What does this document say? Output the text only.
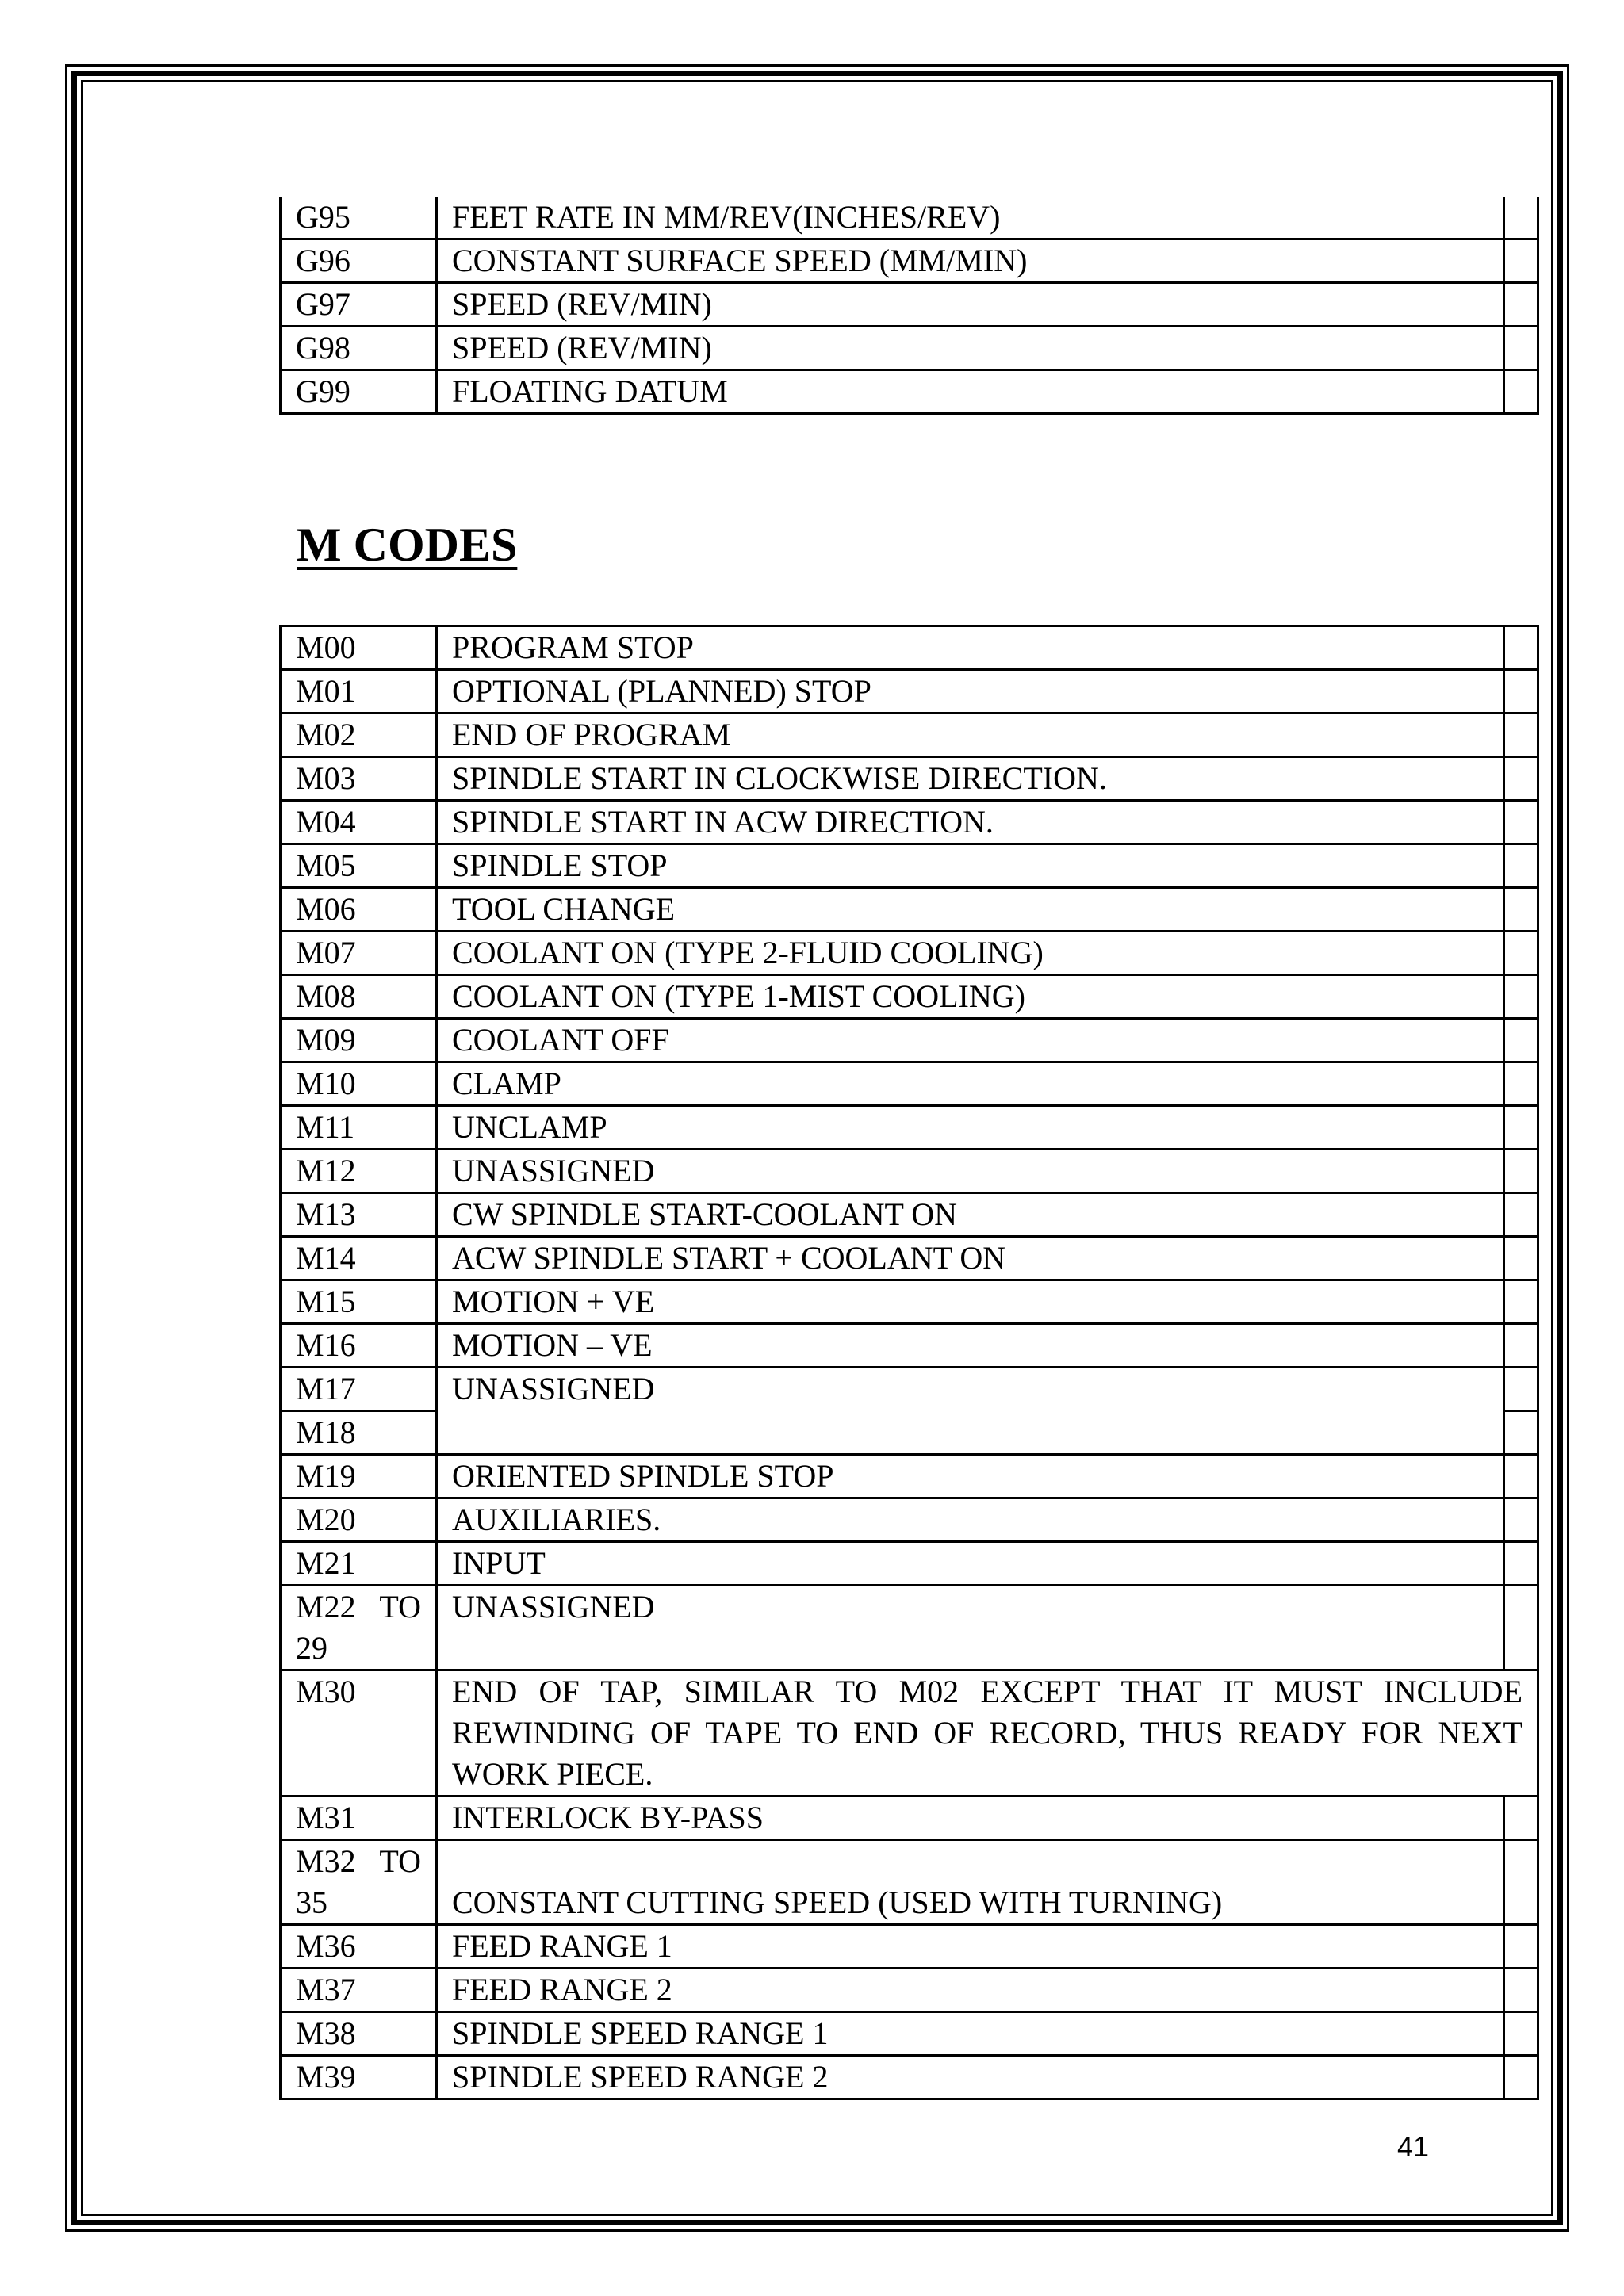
G95	FEET RATE IN MM/REV(INCHES/REV)	
G96	CONSTANT SURFACE SPEED (MM/MIN)	
G97	SPEED (REV/MIN)	
G98	SPEED (REV/MIN)	
G99	FLOATING DATUM	
M CODES
M00	PROGRAM STOP	
M01	OPTIONAL (PLANNED) STOP	
M02	END OF PROGRAM	
M03	SPINDLE START IN CLOCKWISE DIRECTION.	
M04	SPINDLE START IN ACW DIRECTION.	
M05	SPINDLE STOP	
M06	TOOL CHANGE	
M07	COOLANT ON (TYPE 2-FLUID COOLING)	
M08	COOLANT ON (TYPE 1-MIST COOLING)	
M09	COOLANT OFF	
M10	CLAMP	
M11	UNCLAMP	
M12	UNASSIGNED	
M13	CW SPINDLE START-COOLANT ON	
M14	ACW SPINDLE START + COOLANT ON	
M15	MOTION + VE	
M16	MOTION – VE	
M17	UNASSIGNED	
M18		
M19	ORIENTED SPINDLE STOP	
M20	AUXILIARIES.	
M21	INPUT	
M22 TO 29	UNASSIGNED	
M30	END OF TAP, SIMILAR TO M02 EXCEPT THAT IT MUST INCLUDE REWINDING OF TAPE TO END OF RECORD, THUS READY FOR NEXT WORK PIECE.	
M31	INTERLOCK BY-PASS	
M32 TO 35	CONSTANT CUTTING SPEED (USED WITH TURNING)	
M36	FEED RANGE 1	
M37	FEED RANGE 2	
M38	SPINDLE SPEED RANGE 1	
M39	SPINDLE SPEED RANGE 2	
41
